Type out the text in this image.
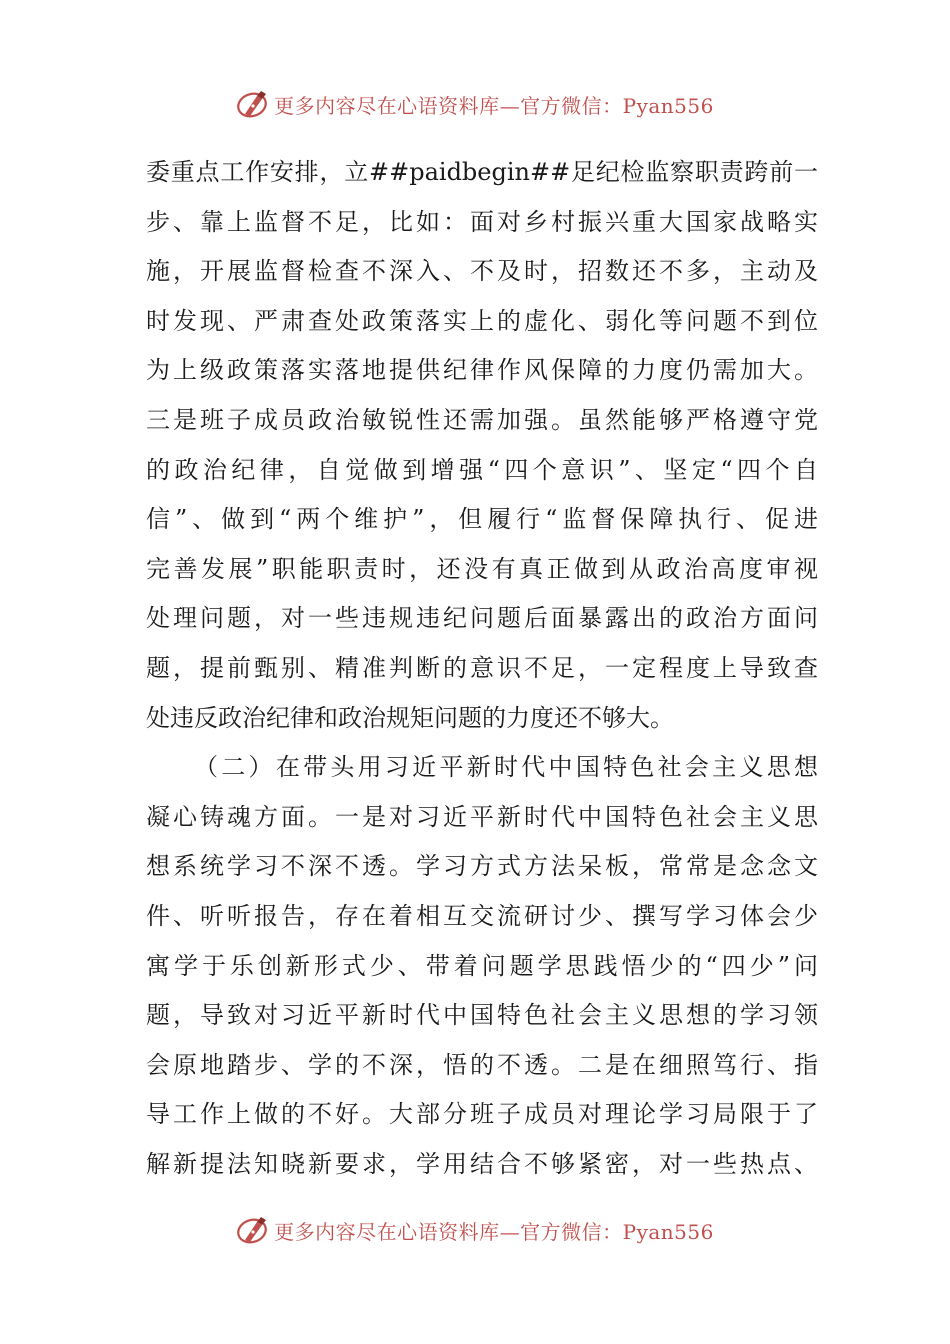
更多内容尽在心语资料库—官方微信：Pyan556
委重点工作安排，立##paidbegin##足纪检监察职责跨前一
步、靠上监督不足，比如：面对乡村振兴重大国家战略实
施，开展监督检查不深入、不及时，招数还不多，主动及
时发现、严肃查处政策落实上的虚化、弱化等问题不到位
为上级政策落实落地提供纪律作风保障的力度仍需加大。
三是班子成员政治敏锐性还需加强。虽然能够严格遵守党
的政治纪律，自觉做到增强“四个意识”、坚定“四个自
信”、做到“两个维护”，但履行“监督保障执行、促进
完善发展”职能职责时，还没有真正做到从政治高度审视
处理问题，对一些违规违纪问题后面暴露出的政治方面问
题，提前甄别、精准判断的意识不足，一定程度上导致查
处违反政治纪律和政治规矩问题的力度还不够大。
（二）在带头用习近平新时代中国特色社会主义思想
凝心铸魂方面。一是对习近平新时代中国特色社会主义思
想系统学习不深不透。学习方式方法呆板，常常是念念文
件、听听报告，存在着相互交流研讨少、撰写学习体会少
寓学于乐创新形式少、带着问题学思践悟少的“四少”问
题，导致对习近平新时代中国特色社会主义思想的学习领
会原地踏步、学的不深，悟的不透。二是在细照笃行、指
导工作上做的不好。大部分班子成员对理论学习局限于了
解新提法知晓新要求，学用结合不够紧密，对一些热点、
更多内容尽在心语资料库—官方微信：Pyan556
